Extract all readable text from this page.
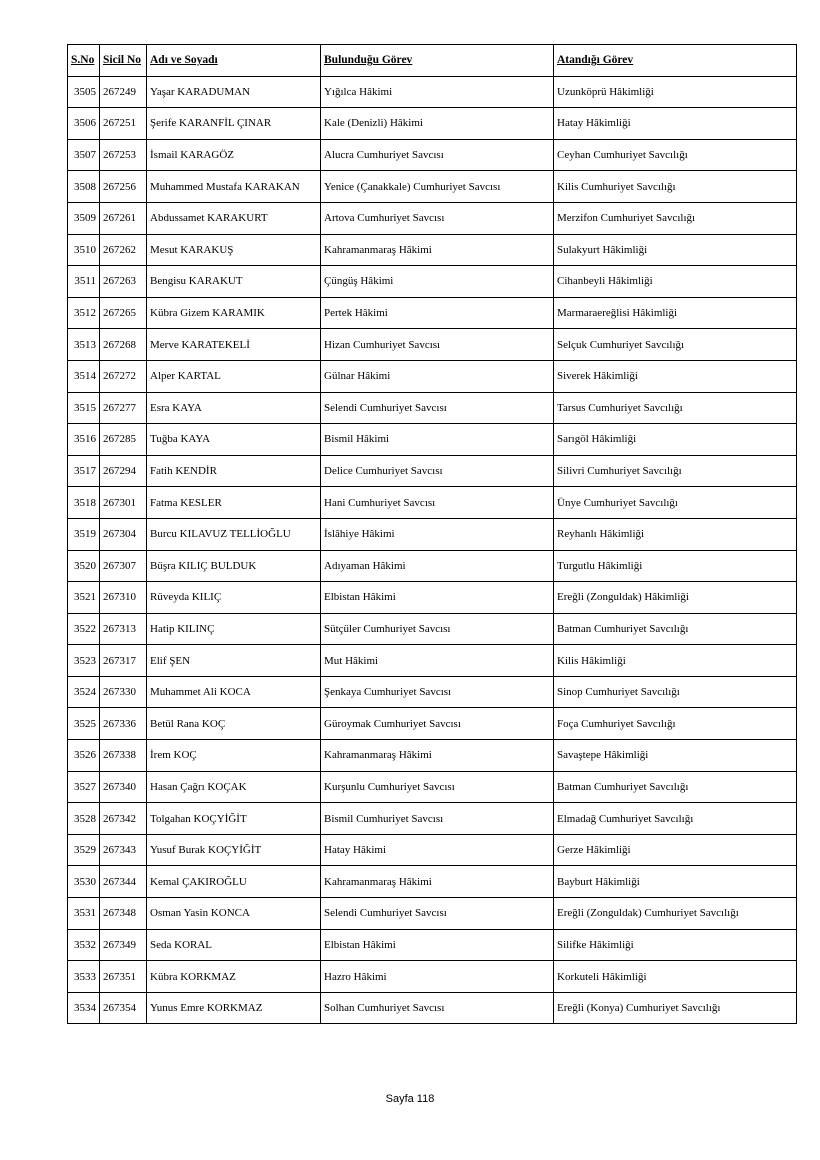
S.No	Sicil No	Adı ve Soyadı	Bulunduğu Görev	Atandığı Görev
3505	267249	Yaşar KARADUMAN	Yığılca Hâkimi	Uzunköprü Hâkimliği
3506	267251	Şerife KARANFİL ÇINAR	Kale (Denizli) Hâkimi	Hatay Hâkimliği
3507	267253	İsmail KARAGÖZ	Alucra Cumhuriyet Savcısı	Ceyhan Cumhuriyet Savcılığı
3508	267256	Muhammed Mustafa KARAKAN	Yenice (Çanakkale) Cumhuriyet Savcısı	Kilis Cumhuriyet Savcılığı
3509	267261	Abdussamet KARAKURT	Artova Cumhuriyet Savcısı	Merzifon Cumhuriyet Savcılığı
3510	267262	Mesut KARAKUŞ	Kahramanmaraş Hâkimi	Sulakyurt Hâkimliği
3511	267263	Bengisu KARAKUT	Çüngüş Hâkimi	Cihanbeyli Hâkimliği
3512	267265	Kübra Gizem KARAMIK	Pertek Hâkimi	Marmaraereğlisi Hâkimliği
3513	267268	Merve KARATEKELİ	Hizan Cumhuriyet Savcısı	Selçuk Cumhuriyet Savcılığı
3514	267272	Alper KARTAL	Gülnar Hâkimi	Siverek Hâkimliği
3515	267277	Esra KAYA	Selendi Cumhuriyet Savcısı	Tarsus Cumhuriyet Savcılığı
3516	267285	Tuğba KAYA	Bismil Hâkimi	Sarıgöl Hâkimliği
3517	267294	Fatih KENDİR	Delice Cumhuriyet Savcısı	Silivri Cumhuriyet Savcılığı
3518	267301	Fatma KESLER	Hani Cumhuriyet Savcısı	Ünye Cumhuriyet Savcılığı
3519	267304	Burcu KILAVUZ TELLİOĞLU	İslâhiye Hâkimi	Reyhanlı Hâkimliği
3520	267307	Büşra KILIÇ BULDUK	Adıyaman Hâkimi	Turgutlu Hâkimliği
3521	267310	Rüveyda KILIÇ	Elbistan Hâkimi	Ereğli (Zonguldak) Hâkimliği
3522	267313	Hatip KILINÇ	Sütçüler Cumhuriyet Savcısı	Batman Cumhuriyet Savcılığı
3523	267317	Elif ŞEN	Mut Hâkimi	Kilis Hâkimliği
3524	267330	Muhammet Ali KOCA	Şenkaya Cumhuriyet Savcısı	Sinop Cumhuriyet Savcılığı
3525	267336	Betül Rana KOÇ	Güroymak Cumhuriyet Savcısı	Foça Cumhuriyet Savcılığı
3526	267338	İrem KOÇ	Kahramanmaraş Hâkimi	Savaştepe Hâkimliği
3527	267340	Hasan Çağrı KOÇAK	Kurşunlu Cumhuriyet Savcısı	Batman Cumhuriyet Savcılığı
3528	267342	Tolgahan KOÇYİĞİT	Bismil Cumhuriyet Savcısı	Elmadağ Cumhuriyet Savcılığı
3529	267343	Yusuf Burak KOÇYİĞİT	Hatay Hâkimi	Gerze Hâkimliği
3530	267344	Kemal ÇAKIROĞLU	Kahramanmaraş Hâkimi	Bayburt Hâkimliği
3531	267348	Osman Yasin KONCA	Selendi Cumhuriyet Savcısı	Ereğli (Zonguldak) Cumhuriyet Savcılığı
3532	267349	Seda KORAL	Elbistan Hâkimi	Silifke Hâkimliği
3533	267351	Kübra KORKMAZ	Hazro Hâkimi	Korkuteli Hâkimliği
3534	267354	Yunus Emre KORKMAZ	Solhan Cumhuriyet Savcısı	Ereğli (Konya) Cumhuriyet Savcılığı
Sayfa 118
